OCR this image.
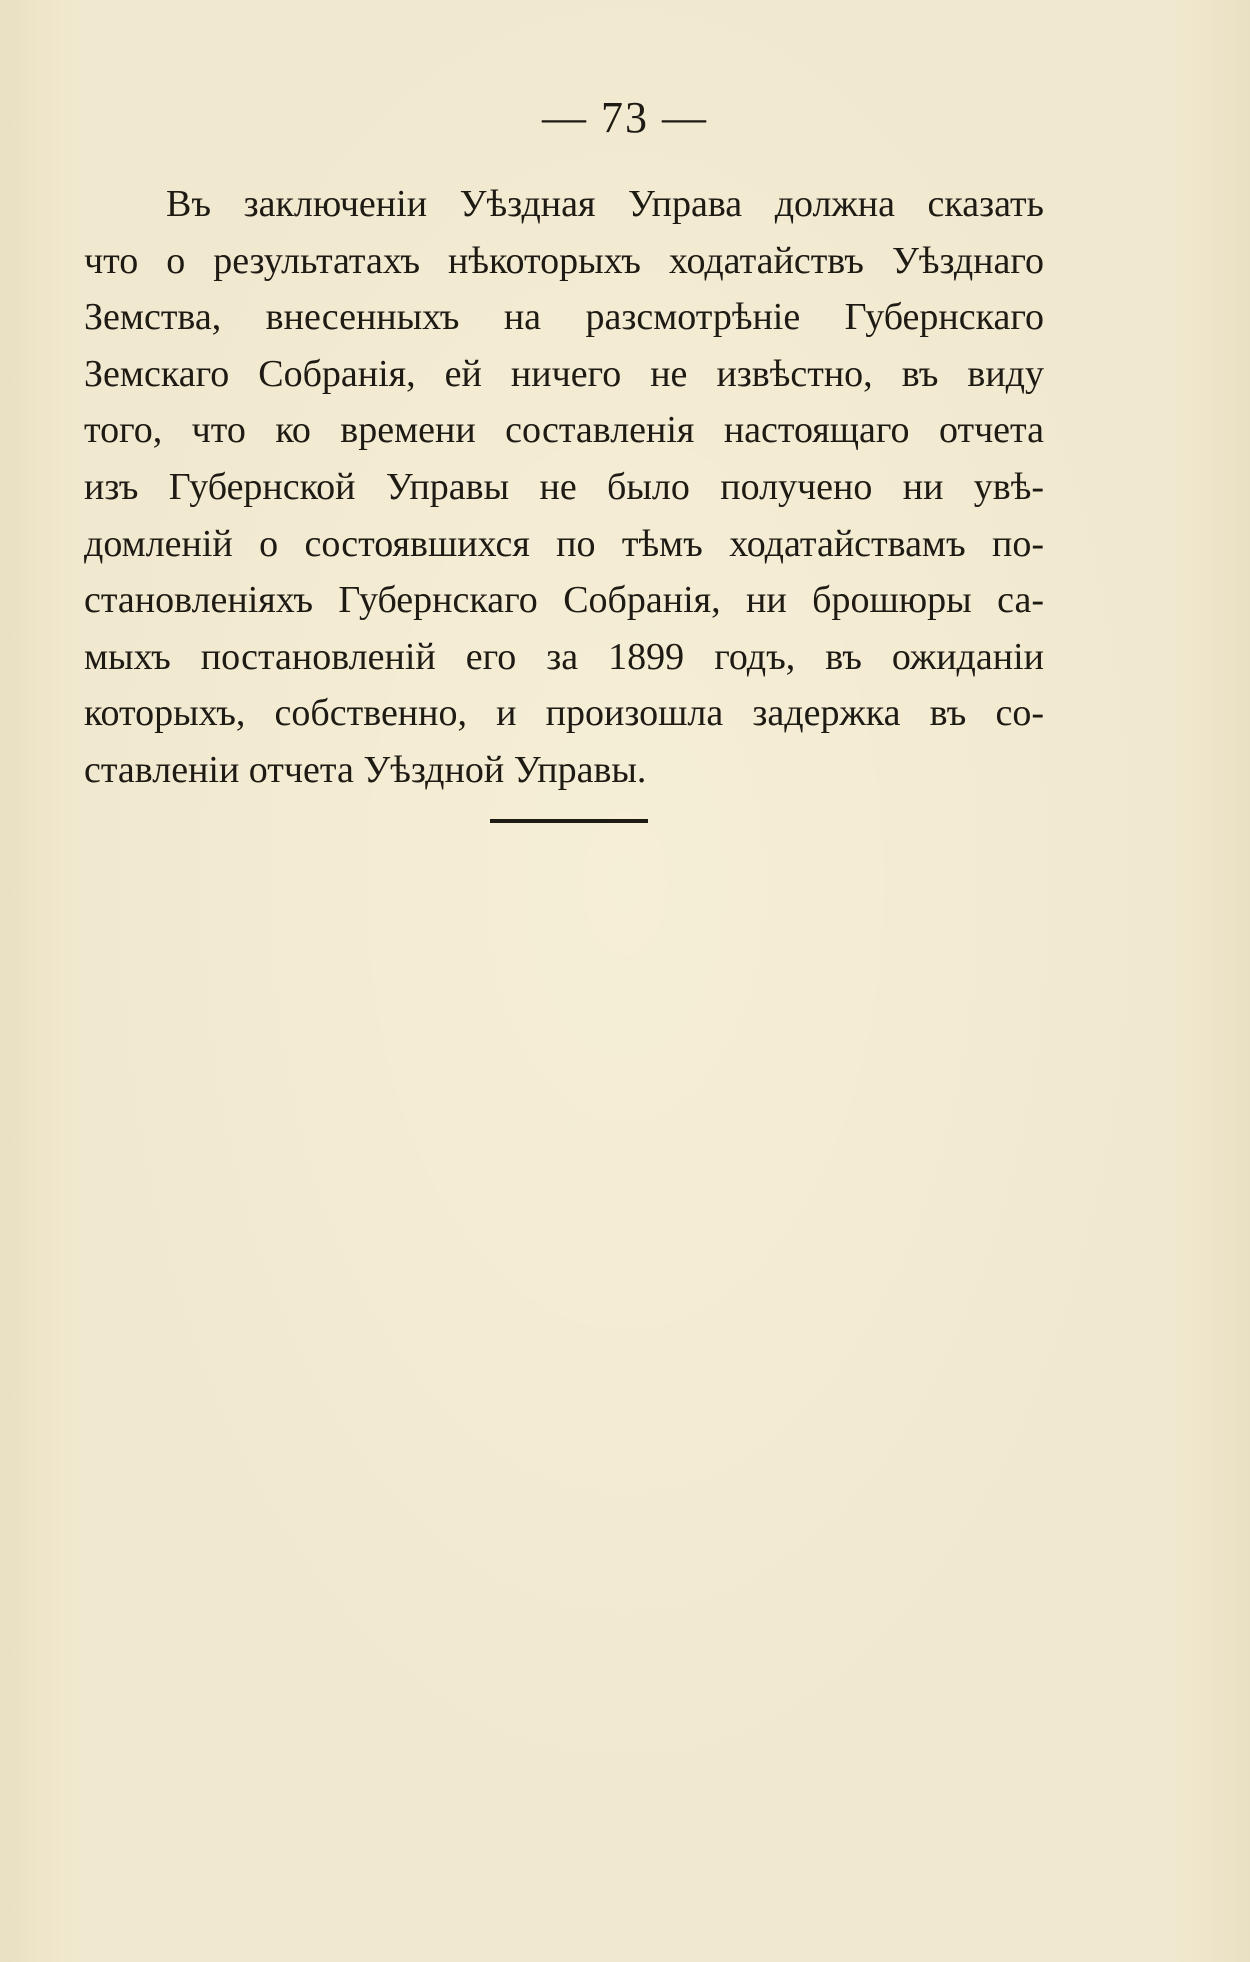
— 73 —
Въ заключеніи Уѣздная Управа должна сказать
что о результатахъ нѣкоторыхъ ходатайствъ Уѣзднаго
Земства, внесенныхъ на разсмотрѣніе Губернскаго
Земскаго Собранія, ей ничего не извѣстно, въ виду
того, что ко времени составленія настоящаго отчета
изъ Губернской Управы не было получено ни увѣ-
домленій о состоявшихся по тѣмъ ходатайствамъ по-
становленіяхъ Губернскаго Собранія, ни брошюры са-
мыхъ постановленій его за 1899 годъ, въ ожиданіи
которыхъ, собственно, и произошла задержка въ со-
ставленіи отчета Уѣздной Управы.
